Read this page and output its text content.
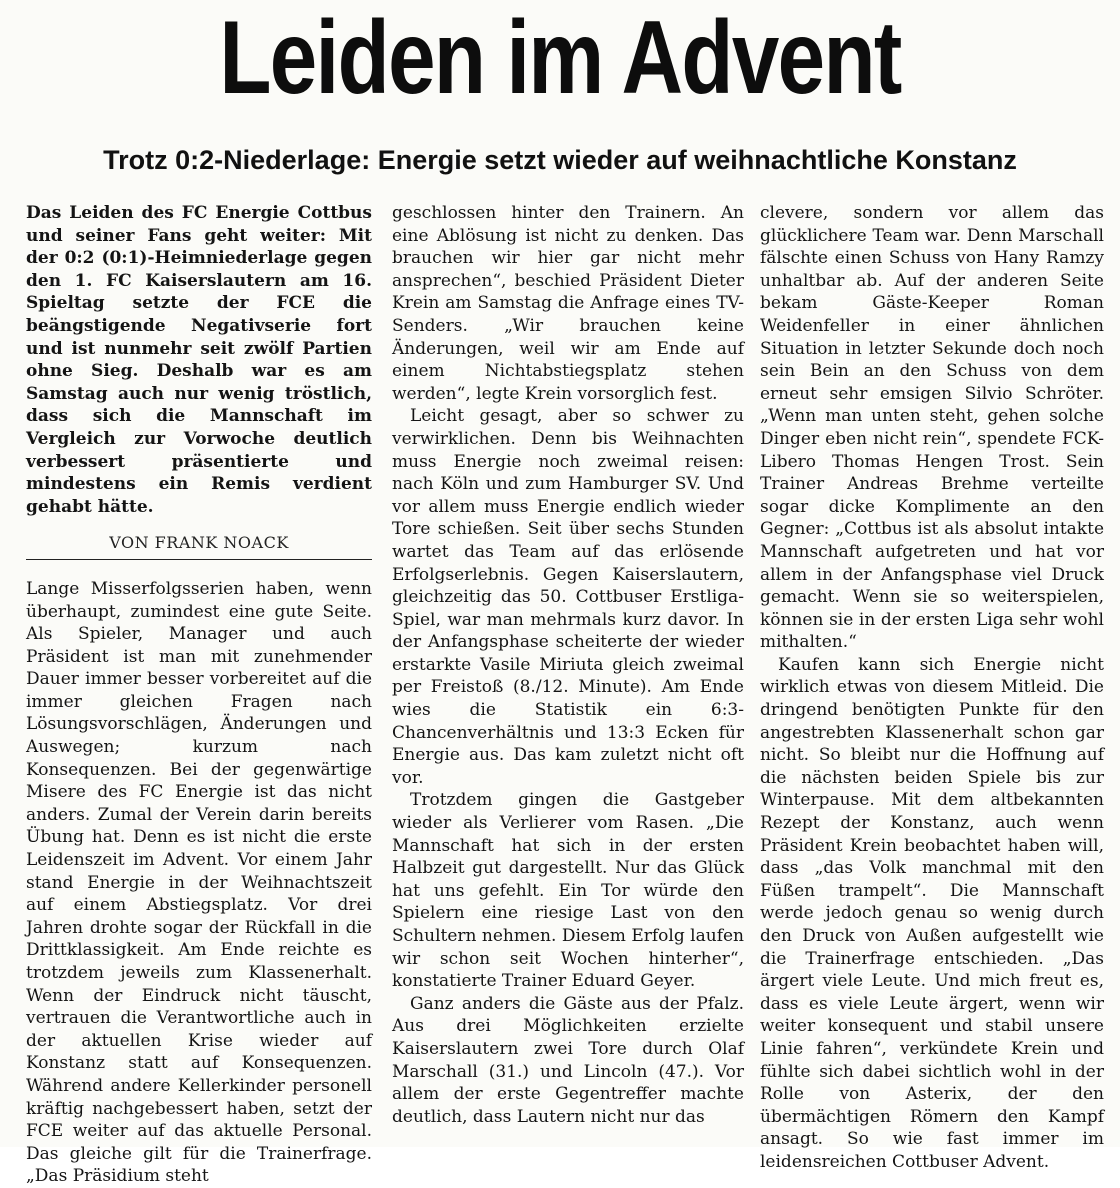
Leiden im Advent
Trotz 0:2-Niederlage: Energie setzt wieder auf weihnachtliche Konstanz

Das Leiden des FC Energie Cottbus und seiner Fans geht weiter: Mit der 0:2 (0:1)-Heimniederlage gegen den 1. FC Kaiserslautern am 16. Spieltag setzte der FCE die beängstigende Negativserie fort und ist nunmehr seit zwölf Partien ohne Sieg. Deshalb war es am Samstag auch nur wenig tröstlich, dass sich die Mannschaft im Vergleich zur Vorwoche deutlich verbessert präsentierte und mindestens ein Remis verdient gehabt hätte.

VON FRANK NOACK

Lange Misserfolgsserien haben, wenn überhaupt, zumindest eine gute Seite. Als Spieler, Manager und auch Präsident ist man mit zunehmender Dauer immer besser vorbereitet auf die immer gleichen Fragen nach Lösungsvorschlägen, Änderungen und Auswegen; kurzum nach Konsequenzen. Bei der gegenwärtige Misere des FC Energie ist das nicht anders. Zumal der Verein darin bereits Übung hat. Denn es ist nicht die erste Leidenszeit im Advent. Vor einem Jahr stand Energie in der Weihnachtszeit auf einem Abstiegsplatz. Vor drei Jahren drohte sogar der Rückfall in die Drittklassigkeit. Am Ende reichte es trotzdem jeweils zum Klassenerhalt. Wenn der Eindruck nicht täuscht, vertrauen die Verantwortliche auch in der aktuellen Krise wieder auf Konstanz statt auf Konsequenzen. Während andere Kellerkinder personell kräftig nachgebessert haben, setzt der FCE weiter auf das aktuelle Personal. Das gleiche gilt für die Trainerfrage. „Das Präsidium steht

geschlossen hinter den Trainern. An eine Ablösung ist nicht zu denken. Das brauchen wir hier gar nicht mehr ansprechen“, beschied Präsident Dieter Krein am Samstag die Anfrage eines TV-Senders. „Wir brauchen keine Änderungen, weil wir am Ende auf einem Nichtabstiegsplatz stehen werden“, legte Krein vorsorglich fest.

Leicht gesagt, aber so schwer zu verwirklichen. Denn bis Weihnachten muss Energie noch zweimal reisen: nach Köln und zum Hamburger SV. Und vor allem muss Energie endlich wieder Tore schießen. Seit über sechs Stunden wartet das Team auf das erlösende Erfolgserlebnis. Gegen Kaiserslautern, gleichzeitig das 50. Cottbuser Erstliga-Spiel, war man mehrmals kurz davor. In der Anfangsphase scheiterte der wieder erstarkte Vasile Miriuta gleich zweimal per Freistoß (8./12. Minute). Am Ende wies die Statistik ein 6:3-Chancenverhältnis und 13:3 Ecken für Energie aus. Das kam zuletzt nicht oft vor.

Trotzdem gingen die Gastgeber wieder als Verlierer vom Rasen. „Die Mannschaft hat sich in der ersten Halbzeit gut dargestellt. Nur das Glück hat uns gefehlt. Ein Tor würde den Spielern eine riesige Last von den Schultern nehmen. Diesem Erfolg laufen wir schon seit Wochen hinterher“, konstatierte Trainer Eduard Geyer.

Ganz anders die Gäste aus der Pfalz. Aus drei Möglichkeiten erzielte Kaiserslautern zwei Tore durch Olaf Marschall (31.) und Lincoln (47.). Vor allem der erste Gegentreffer machte deutlich, dass Lautern nicht nur das

clevere, sondern vor allem das glücklichere Team war. Denn Marschall fälschte einen Schuss von Hany Ramzy unhaltbar ab. Auf der anderen Seite bekam Gäste-Keeper Roman Weidenfeller in einer ähnlichen Situation in letzter Sekunde doch noch sein Bein an den Schuss von dem erneut sehr emsigen Silvio Schröter. „Wenn man unten steht, gehen solche Dinger eben nicht rein“, spendete FCK-Libero Thomas Hengen Trost. Sein Trainer Andreas Brehme verteilte sogar dicke Komplimente an den Gegner: „Cottbus ist als absolut intakte Mannschaft aufgetreten und hat vor allem in der Anfangsphase viel Druck gemacht. Wenn sie so weiterspielen, können sie in der ersten Liga sehr wohl mithalten.“

Kaufen kann sich Energie nicht wirklich etwas von diesem Mitleid. Die dringend benötigten Punkte für den angestrebten Klassenerhalt schon gar nicht. So bleibt nur die Hoffnung auf die nächsten beiden Spiele bis zur Winterpause. Mit dem altbekannten Rezept der Konstanz, auch wenn Präsident Krein beobachtet haben will, dass „das Volk manchmal mit den Füßen trampelt“. Die Mannschaft werde jedoch genau so wenig durch den Druck von Außen aufgestellt wie die Trainerfrage entschieden. „Das ärgert viele Leute. Und mich freut es, dass es viele Leute ärgert, wenn wir weiter konsequent und stabil unsere Linie fahren“, verkündete Krein und fühlte sich dabei sichtlich wohl in der Rolle von Asterix, der den übermächtigen Römern den Kampf ansagt. So wie fast immer im leidensreichen Cottbuser Advent.
